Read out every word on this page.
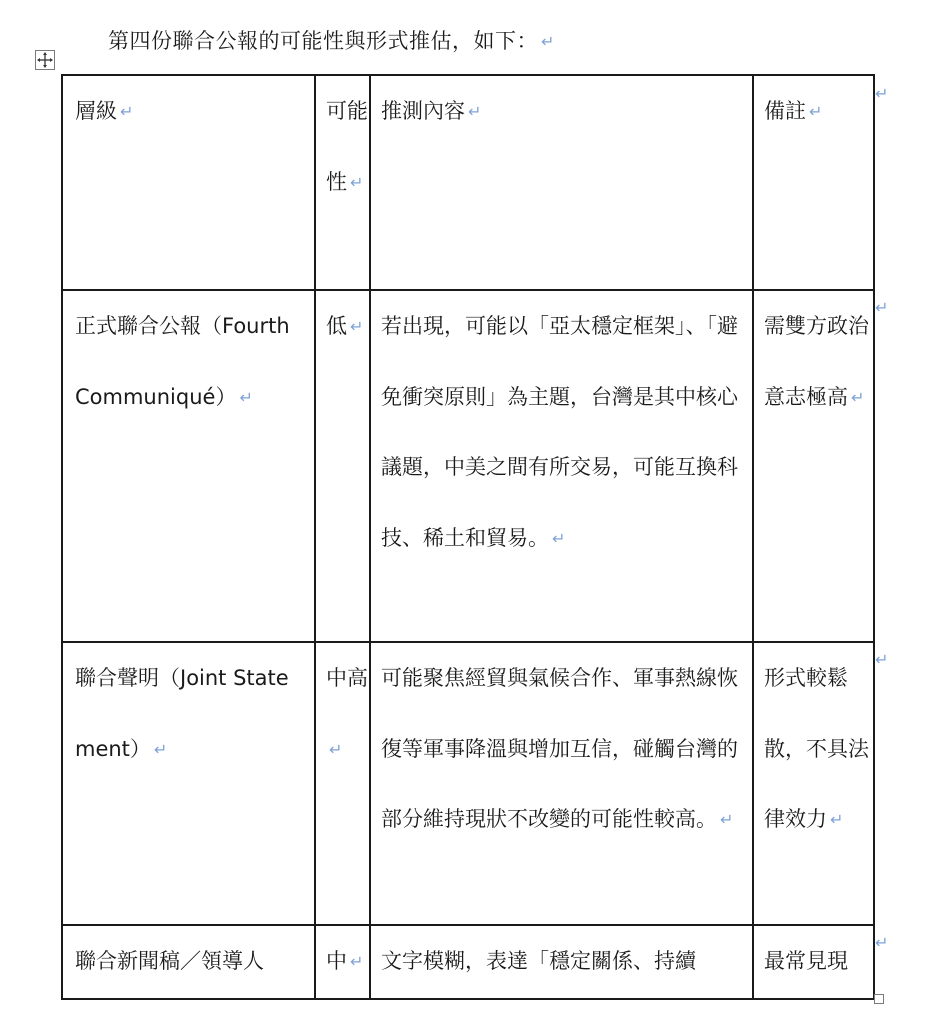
第四份聯合公報的可能性與形式推估，如下： ↵
層級 ↵	可能性 ↵	推測內容 ↵	備註 ↵
正式聯合公報（Fourth Communiqué） ↵	低 ↵	若出現，可能以「亞太穩定框架」、「避免衝突原則」為主題，台灣是其中核心議題，中美之間有所交易，可能互換科技、稀土和貿易。 ↵	需雙方政治意志極高 ↵
聯合聲明（Joint Statement） ↵	中高↵	可能聚焦經貿與氣候合作、軍事熱線恢復等軍事降溫與增加互信，碰觸台灣的部分維持現狀不改變的可能性較高。 ↵	形式較鬆散，不具法律效力 ↵
聯合新聞稿／領導人	中 ↵	文字模糊，表達「穩定關係、持續	最常見現
↵
↵
↵
↵
